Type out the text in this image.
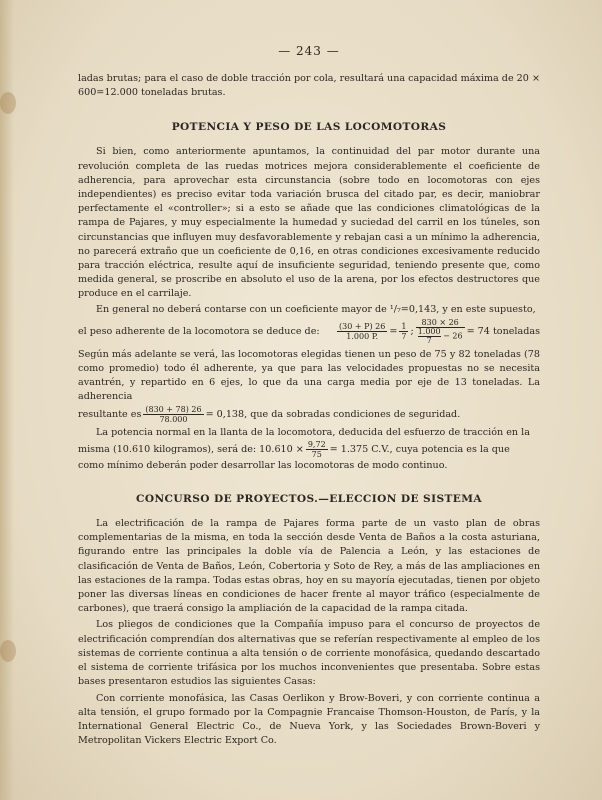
— 243 —

ladas brutas; para el caso de doble tracción por cola, resultará una capacidad máxima de 20 × 600=12.000 toneladas brutas.

POTENCIA Y PESO DE LAS LOCOMOTORAS

Si bien, como anteriormente apuntamos, la continuidad del par motor durante una revolución completa de las ruedas motrices mejora considerablemente el coeficiente de adherencia, para aprovechar esta circunstancia (sobre todo en locomotoras con ejes independientes) es preciso evitar toda variación brusca del citado par, es decir, maniobrar perfectamente el «controller»; si a esto se añade que las condiciones climatológicas de la rampa de Pajares, y muy especialmente la humedad y suciedad del carril en los túneles, son circunstancias que influyen muy desfavorablemente y rebajan casi a un mínimo la adherencia, no parecerá extraño que un coeficiente de 0,16, en otras condiciones excesivamente reducido para tracción eléctrica, resulte aquí de insuficiente seguridad, teniendo presente que, como medida general, se proscribe en absoluto el uso de la arena, por los efectos destructores que produce en el carrilaje.

En general no deberá contarse con un coeficiente mayor de ¹/₇=0,143, y en este supuesto,

el peso adherente de la locomotora se deduce de: $\frac{(30 + P) 26}{1.000 P.} = \frac{1}{7}$ ; $\frac{830 \times 26}{\frac{1.000}{7} - 26} = 74$ toneladas

Según más adelante se verá, las locomotoras elegidas tienen un peso de 75 y 82 toneladas (78 como promedio) todo él adherente, ya que para las velocidades propuestas no se necesita avantrén, y repartido en 6 ejes, lo que da una carga media por eje de 13 toneladas. La adherencia

resultante es $\frac{(830 + 78) 26}{78.000} = 0,138$, que da sobradas condiciones de seguridad.

La potencia normal en la llanta de la locomotora, deducida del esfuerzo de tracción en la

misma (10.610 kilogramos), será de: $10.610 \times \frac{9,72}{75} = 1.375$ C.V., cuya potencia es la que

como mínimo deberán poder desarrollar las locomotoras de modo continuo.

CONCURSO DE PROYECTOS.—ELECCION DE SISTEMA

La electrificación de la rampa de Pajares forma parte de un vasto plan de obras complementarias de la misma, en toda la sección desde Venta de Baños a la costa asturiana, figurando entre las principales la doble vía de Palencia a León, y las estaciones de clasificación de Venta de Baños, León, Cobertoria y Soto de Rey, a más de las ampliaciones en las estaciones de la rampa. Todas estas obras, hoy en su mayoría ejecutadas, tienen por objeto poner las diversas líneas en condiciones de hacer frente al mayor tráfico (especialmente de carbones), que traerá consigo la ampliación de la capacidad de la rampa citada.

Los pliegos de condiciones que la Compañía impuso para el concurso de proyectos de electrificación comprendían dos alternativas que se referían respectivamente al empleo de los sistemas de corriente continua a alta tensión o de corriente monofásica, quedando descartado el sistema de corriente trifásica por los muchos inconvenientes que presentaba. Sobre estas bases presentaron estudios las siguientes Casas:

Con corriente monofásica, las Casas Oerlikon y Brow-Boveri, y con corriente continua a alta tensión, el grupo formado por la Compagnie Francaise Thomson-Houston, de París, y la International General Electric Co., de Nueva York, y las Sociedades Brown-Boveri y Metropolitan Vickers Electric Export Co.
